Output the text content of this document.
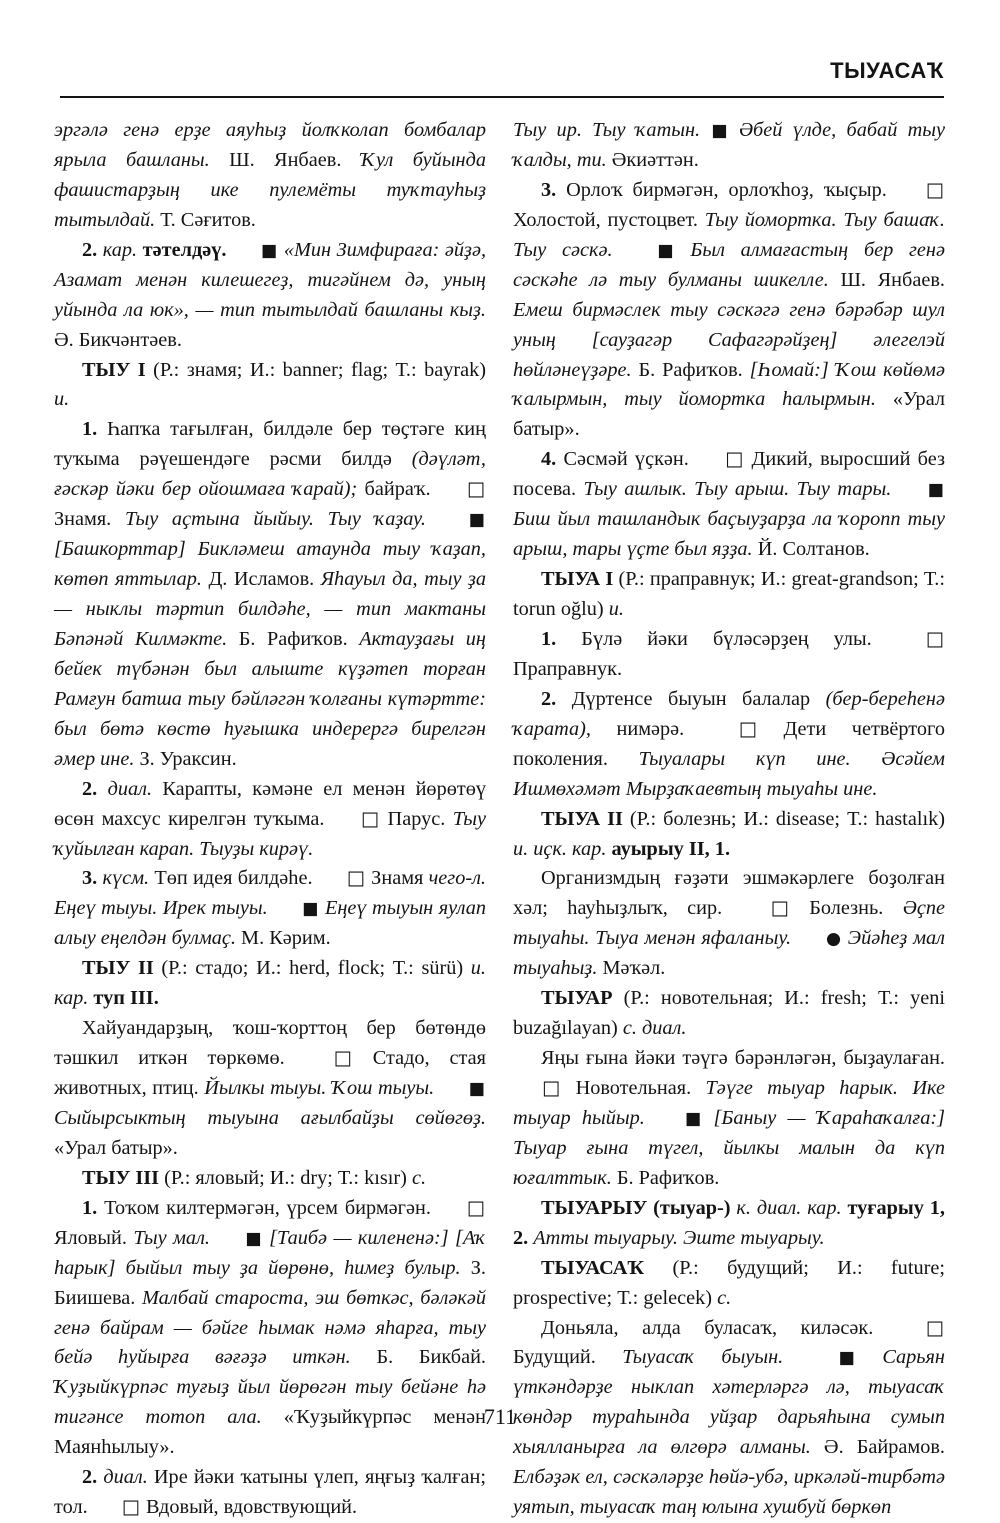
ТЫУАСАҠ

эргәлә генә ерҙе аяуһыҙ йолҡколап бомбалар ярыла башланы. Ш. Янбаев. Ҡул буйында фашистарҙың ике пулемёты туҡтауһыҙ тытылдай. Т. Сәғитов.

2. кар. тәтелдәү. ■ «Мин Зимфираға: әйҙә, Азамат менән килешегеҙ, тигәйнем дә, уның уйында ла юк», — тип тытылдай башланы кыҙ. Ә. Бикчәнтәев.

ТЫУ I (Р.: знамя; И.: banner; flag; Т.: bayrak) и.

1. Һапҡа тағылған, билдәле бер төҫтәге киң туҡыма рәүешендәге рәсми билдә (дәүләт, ғәскәр йәки бер ойошмаға ҡарай); байраҡ. □ Знамя. Тыу аҫтына йыйыу. Тыу ҡаҙау. ■ [Башкорттар] Бикләмеш атаунда тыу ҡаҙап, көтөп яттылар. Д. Исламов. Яһауыл да, тыу ҙа — ныклы тәртип билдәһе, — тип мактаны Бәпәнәй Килмәкте. Б. Рафиҡов. Актауҙағы иң бейек түбәнән был алыште күҙәтеп торған Рамғун батша тыу бәйләгән ҡолғаны күтәртте: был бөтә көстө һуғышка индерергә бирелгән әмер ине. З. Ураксин.

2. диал. Карапты, кәмәне ел менән йөрөтөү өсөн махсус кирелгән туҡыма. □ Парус. Тыу ҡуйылған карап. Тыуҙы кирәү.

3. күсм. Төп идея билдәһе. □ Знамя чего-л. Еңеү тыуы. Ирек тыуы. ■ Еңеү тыуын яулап алыу еңелдән булмаҫ. М. Кәрим.

ТЫУ II (Р.: стадо; И.: herd, flock; Т.: sürü) и. кар. туп III.

Хайуандарҙың, ҡош-ҡорттоң бер бөтөндө тәшкил иткән төркөмө. □ Стадо, стая животных, птиц. Йылкы тыуы. Ҡош тыуы. ■ Сыйырсыктың тыуына ағылбайҙы сөйөгөҙ. «Урал батыр».

ТЫУ III (Р.: яловый; И.: dry; Т.: kısır) с.

1. Тоҡом килтермәгән, үрсем бирмәгән. □ Яловый. Тыу мал. ■ [Таибә — килененә:] [Аҡ һарык] быйыл тыу ҙа йөрөнө, һимеҙ булыр. З. Биишева. Малбай староста, эш бөткәс, бәләкәй генә байрам — бәйге һымак нәмә яһарға, тыу бейә һуйырға вәғәҙә иткән. Б. Бикбай. Ҡуҙыйкүрпәс туғыҙ йыл йөрөгән тыу бейәне һә тигәнсе тотоп ала. «Ҡуҙыйкүрпәс менән Маянһылыу».

2. диал. Ире йәки ҡатыны үлеп, яңғыҙ ҡалған; тол. □ Вдовый, вдовствующий.

Тыу ир. Тыу ҡатын. ■ Әбей үлде, бабай тыу ҡалды, ти. Әкиәттән.

3. Орлоҡ бирмәгән, орлоҡһоҙ, ҡыҫыр. □ Холостой, пустоцвет. Тыу йоморткa. Тыу башаҡ. Тыу сәскә.	■ Был алмағастың бер генә сәскәһе лә тыу булманы шикелле. Ш. Янбаев. Емеш бирмәслек тыу сәскәгә генә бәрәбәр шул уның [сауҙагәр Сафагәрәйҙең] әлегелэй һөйләнеүҙәре. Б. Рафиҡов. [Һомай:] Ҡош көйөмә ҡалырмын, тыу йоморткa һалырмын. «Урал батыр».

4. Сәсмәй үҫкән. □ Дикий, выросший без посева. Тыу ашлык. Тыу арыш. Тыу тары. ■ Биш йыл ташландык баҫыуҙарҙа ла ҡоропп тыу арыш, тары үҫте был яҙҙа. Й. Солтанов.

ТЫУА I (Р.: праправнук; И.: great-grandson; Т.: torun oğlu) и.

1. Бүлә йәки бүләсәрҙең улы. □ Праправнук.

2. Дүртенсе быуын балалар (бер-береһенә ҡарата), нимәрә. □ Дети четвёртого поколения. Тыуалары күп ине. Әсәйем Ишмөхәмәт Мырҙаҡаевтың тыуаһы ине.

ТЫУА II (Р.: болезнь; И.: disease; Т.: hastalık) и. иҫк. кар. ауырыу II, 1.

Организмдың ғәҙәти эшмәкәрлеге боҙолған хәл; һауһыҙлыҡ, сир. □ Болезнь. Әҫпе тыуаһы. Тыуа менән яфаланыу. ● Эйәһеҙ мал тыуаһыҙ. Мәҡәл.

ТЫУАР (Р.: новотельная; И.: fresh; Т.: yeni buzağılayan) с. диал.

Яңы ғына йәки тәүгә бәрәнләгән, быҙаулаған. □ Новотельная. Тәүге тыуар һарык. Ике тыуар һыйыр. ■ [Баныу — Ҡараһаҡалға:] Тыуар ғына түгел, йылкы малын да күп юғалттык. Б. Рафиҡов.

ТЫУАРЫУ (тыуар-) к. диал. кар. туғарыу 1, 2. Атты тыуарыу. Эште тыуарыу.

ТЫУАСАҠ (Р.: будущий; И.: future; prospective; Т.: gelecek) с.

Доньяла, алда буласаҡ, киләсәк. □ Будущий. Тыуасаҡ быуын.	■ Сарьян үткәндәрҙе ныклап хәтерләргә лә, тыуасаҡ көндәр тураһында уйҙар дарьяһына сумып хыялланырға ла өлгөрә алманы. Ә. Байрамов. Елбәҙәк ел, сәскәләрҙе һөйә-убә, иркәләй-тирбәтә уятып, тыуасаҡ таң юлына хушбуй бөркөп

711
